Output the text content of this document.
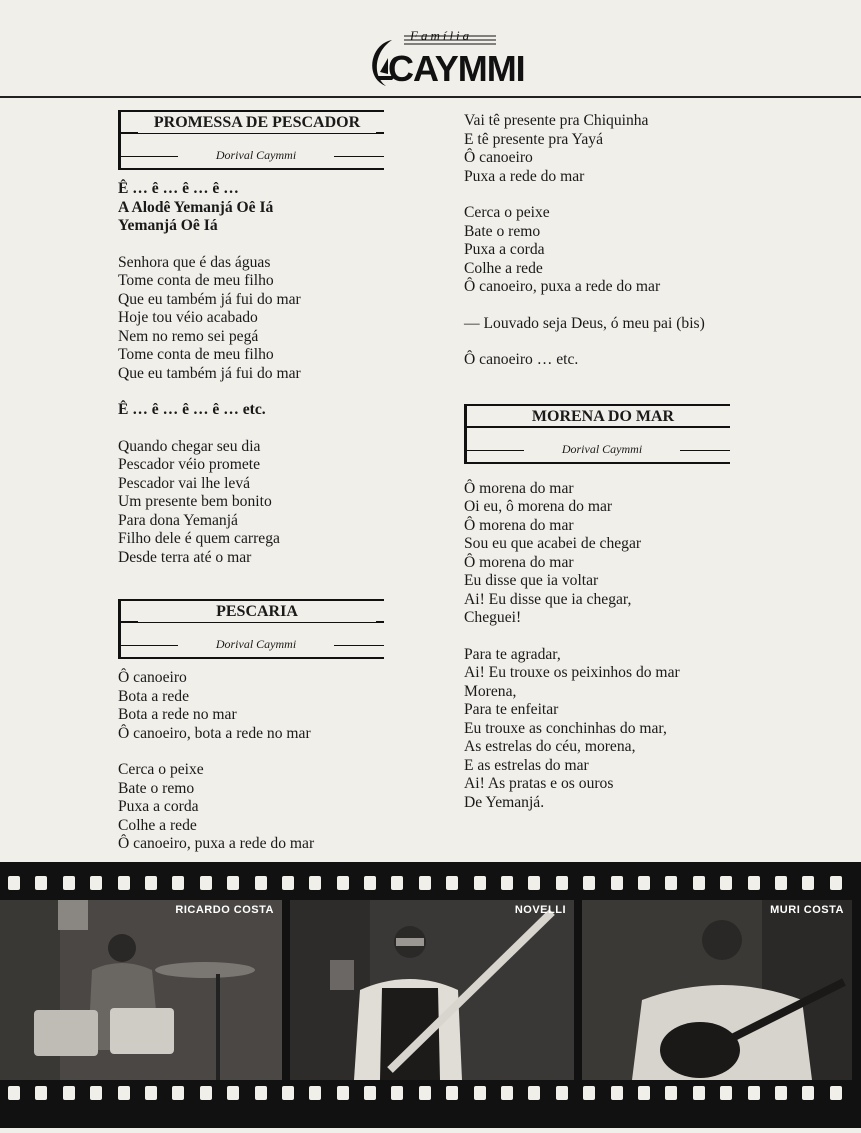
Família
CAYMMI
PROMESSA DE PESCADOR
Dorival Caymmi

Ê … ê … ê … ê …

A Alodê Yemanjá Oê Iá

Yemanjá Oê Iá

Senhora que é das águas

Tome conta de meu filho

Que eu também já fui do mar

Hoje tou véio acabado

Nem no remo sei pegá

Tome conta de meu filho

Que eu também já fui do mar

Ê … ê … ê … ê … etc.

Quando chegar seu dia

Pescador véio promete

Pescador vai lhe levá

Um presente bem bonito

Para dona Yemanjá

Filho dele é quem carrega

Desde terra até o mar

PESCARIA
Dorival Caymmi

Ô canoeiro

Bota a rede

Bota a rede no mar

Ô canoeiro, bota a rede no mar

Cerca o peixe

Bate o remo

Puxa a corda

Colhe a rede

Ô canoeiro, puxa a rede do mar

Vai tê presente pra Chiquinha

E tê presente pra Yayá

Ô canoeiro

Puxa a rede do mar

Cerca o peixe

Bate o remo

Puxa a corda

Colhe a rede

Ô canoeiro, puxa a rede do mar

— Louvado seja Deus, ó meu pai (bis)

Ô canoeiro … etc.

MORENA DO MAR
Dorival Caymmi

Ô morena do mar

Oi eu, ô morena do mar

Ô morena do mar

Sou eu que acabei de chegar

Ô morena do mar

Eu disse que ia voltar

Ai! Eu disse que ia chegar,

Cheguei!

Para te agradar,

Ai! Eu trouxe os peixinhos do mar

Morena,

Para te enfeitar

Eu trouxe as conchinhas do mar,

As estrelas do céu, morena,

E as estrelas do mar

Ai! As pratas e os ouros

De Yemanjá.

RICARDO COSTA	NOVELLI	MURI COSTA
